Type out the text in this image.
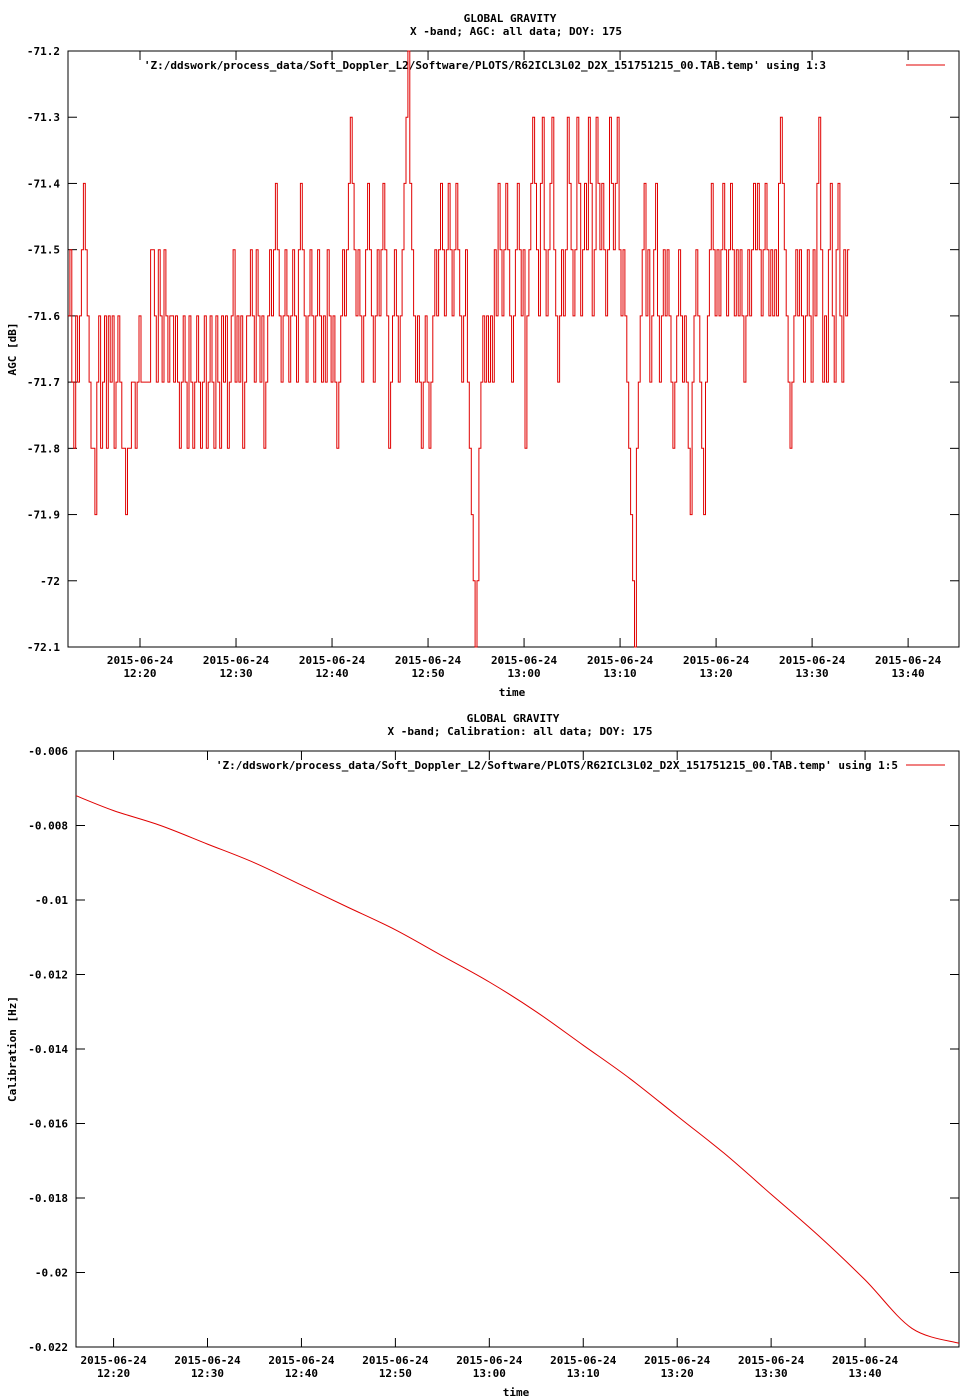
GLOBAL GRAVITY
X -band; AGC: all data; DOY: 175
'Z:/ddswork/process_data/Soft_Doppler_L2/Software/PLOTS/R62ICL3L02_D2X_151751215_00.TAB.temp' using 1:3
-71.2
-71.3
-71.4
-71.5
-71.6
-71.7
-71.8
-71.9
-72
-72.1
2015-06-24
12:20
2015-06-24
12:30
2015-06-24
12:40
2015-06-24
12:50
2015-06-24
13:00
2015-06-24
13:10
2015-06-24
13:20
2015-06-24
13:30
2015-06-24
13:40
time
AGC [dB]
GLOBAL GRAVITY
X -band; Calibration: all data; DOY: 175
'Z:/ddswork/process_data/Soft_Doppler_L2/Software/PLOTS/R62ICL3L02_D2X_151751215_00.TAB.temp' using 1:5
-0.006
-0.008
-0.01
-0.012
-0.014
-0.016
-0.018
-0.02
-0.022
2015-06-24
12:20
2015-06-24
12:30
2015-06-24
12:40
2015-06-24
12:50
2015-06-24
13:00
2015-06-24
13:10
2015-06-24
13:20
2015-06-24
13:30
2015-06-24
13:40
time
Calibration [Hz]
